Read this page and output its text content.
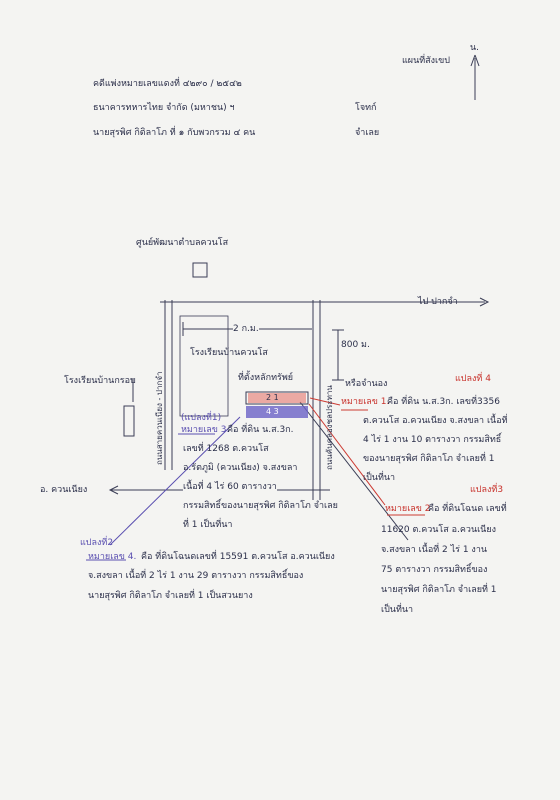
แผนที่สังเขป
น.
คดีแพ่งหมายเลขแดงที่ ๔๒๙๐ / ๒๕๔๒
ธนาคารทหารไทย จำกัด (มหาชน) ฯ	โจทก์
นายสุรพิศ กิติลาโภ ที่ ๑ กับพวกรวม ๔ คน	จำเลย
ศูนย์พัฒนาตำบลควนโส
ไป ปากจำ
2 ก.ม.
800 ม.
โรงเรียนบ้านควนโส
ที่ตั้งหลักทรัพย์
หรือจำนอง
โรงเรียนบ้านกรอบ
อ. ควนเนียง
2 1
4 3
ถนนสายควนเนียง - ปากจำ	ถนนคันคลองชลประทาน
แปลงที่ 4
หมายเลข 1.
คือ ที่ดิน น.ส.3ก. เลขที่3356
ต.ควนโส อ.ควนเนียง จ.สงขลา เนื้อที่
4 ไร่ 1 งาน 10 ตารางวา กรรมสิทธิ์
ของนายสุรพิศ กิติลาโภ จำเลยที่ 1
เป็นที่นา
(แปลงที่1)
หมายเลข 3.
คือ ที่ดิน น.ส.3ก.
เลขที่ 1268 ต.ควนโส
อ.รัตภูมิ (ควนเนียง) จ.สงขลา
เนื้อที่ 4 ไร่ 60 ตารางวา
กรรมสิทธิ์ของนายสุรพิศ กิติลาโภ จำเลย
ที่ 1 เป็นที่นา
แปลงที่3
หมายเลข 2
คือ ที่ดินโฉนด เลขที่
11620 ต.ควนโส อ.ควนเนียง
จ.สงขลา เนื้อที่ 2 ไร่ 1 งาน
75 ตารางวา กรรมสิทธิ์ของ
นายสุรพิศ กิติลาโภ จำเลยที่ 1
เป็นที่นา
แปลงที่2
หมายเลข 4. คือ ที่ดินโฉนดเลขที่ 15591 ต.ควนโส อ.ควนเนียง
จ.สงขลา เนื้อที่ 2 ไร่ 1 งาน 29 ตารางวา กรรมสิทธิ์ของ
นายสุรพิศ กิติลาโภ จำเลยที่ 1 เป็นสวนยาง
